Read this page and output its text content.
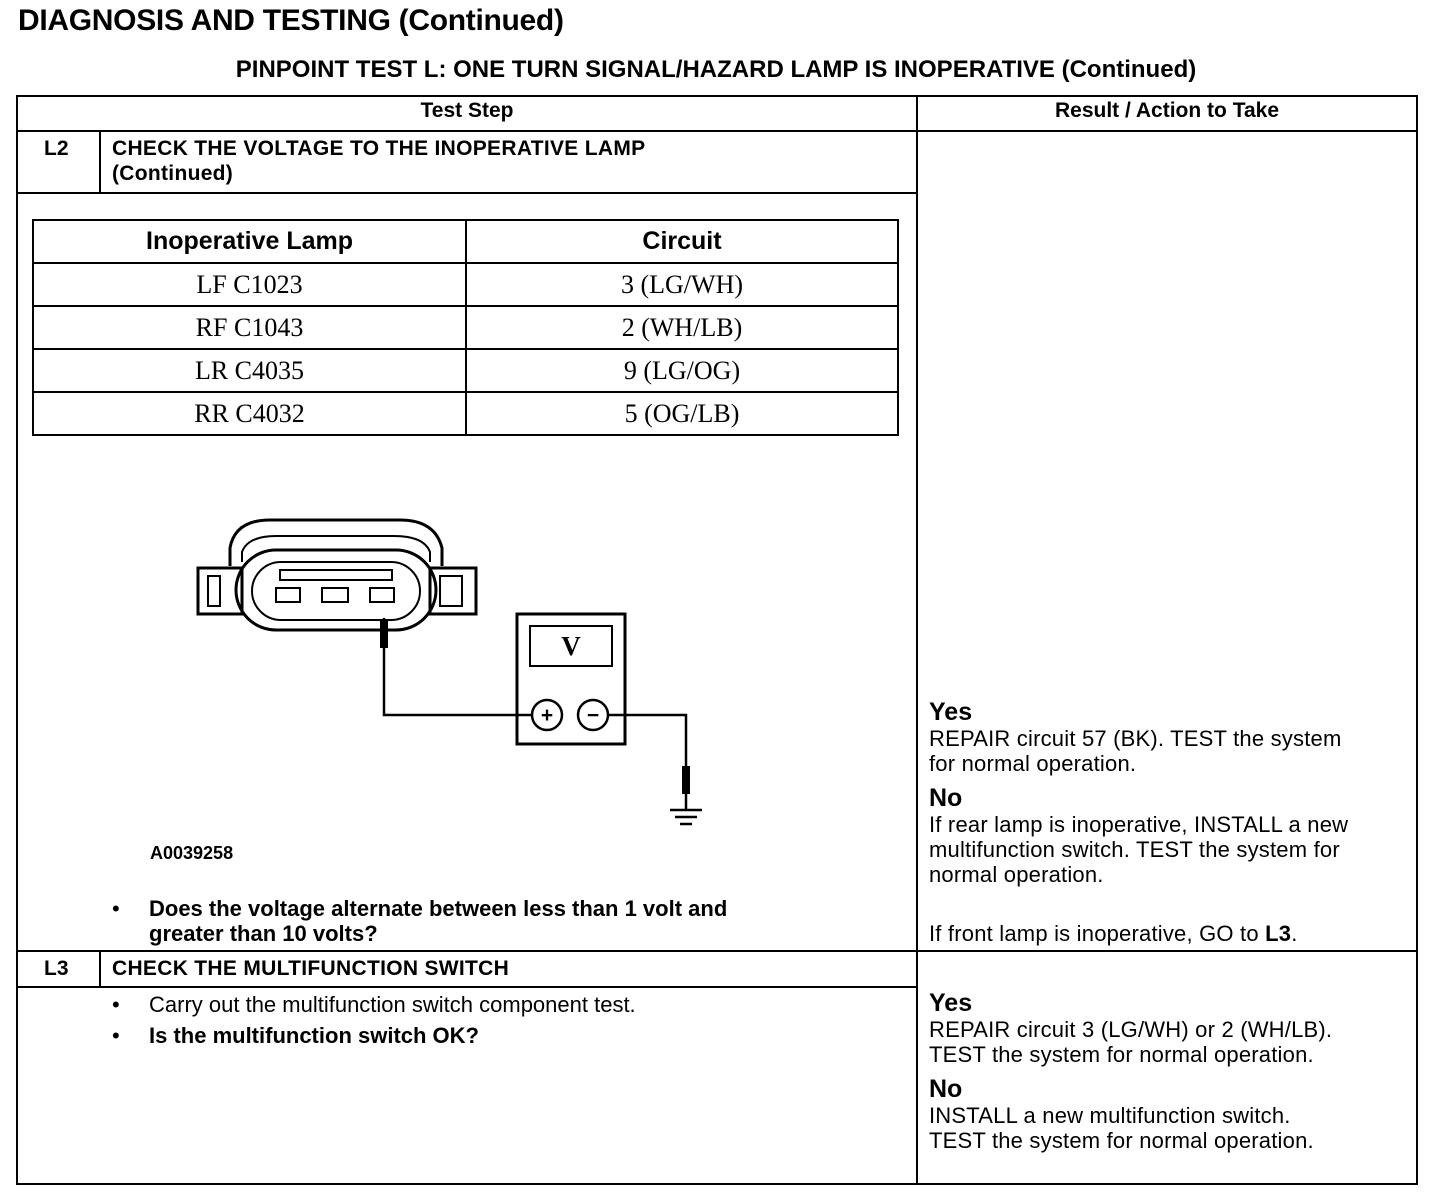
DIAGNOSIS AND TESTING (Continued)
PINPOINT TEST L: ONE TURN SIGNAL/HAZARD LAMP IS INOPERATIVE (Continued)
Test Step	Result / Action to Take
L2 CHECK THE VOLTAGE TO THE INOPERATIVE LAMP
(Continued)
Inoperative Lamp	Circuit
LF C1023	3 (LG/WH)
RF C1043	2 (WH/LB)
LR C4035	9 (LG/OG)
RR C4032	5 (OG/LB)
V
+ −
A0039258
•	Does the voltage alternate between less than 1 volt and
greater than 10 volts?
Yes
REPAIR circuit 57 (BK). TEST the system
for normal operation.
No
If rear lamp is inoperative, INSTALL a new
multifunction switch. TEST the system for
normal operation.
If front lamp is inoperative, GO to L3.
L3 CHECK THE MULTIFUNCTION SWITCH
•	Carry out the multifunction switch component test.
•	Is the multifunction switch OK?
Yes
REPAIR circuit 3 (LG/WH) or 2 (WH/LB).
TEST the system for normal operation.
No
INSTALL a new multifunction switch.
TEST the system for normal operation.
